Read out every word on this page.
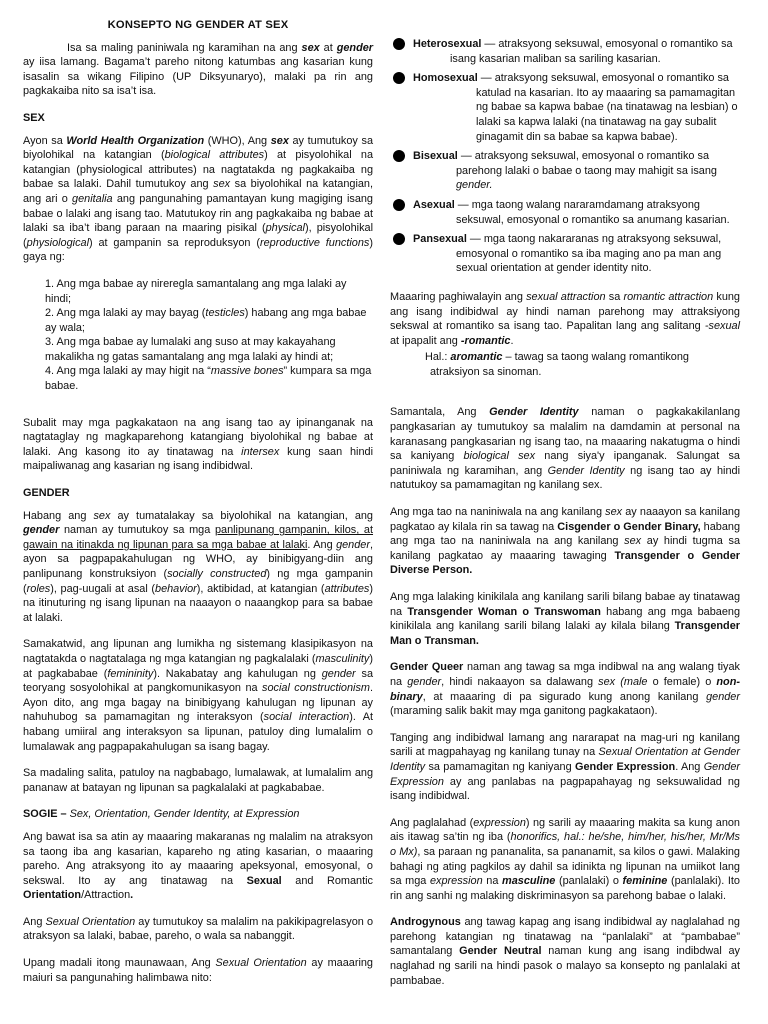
KONSEPTO NG GENDER AT SEX

Isa sa maling paniniwala ng karamihan na ang sex at gender ay iisa lamang. Bagama’t pareho nitong katumbas ang kasarian kung isasalin sa wikang Filipino (UP Diksyunaryo), malaki pa rin ang pagkakaiba nito sa isa’t isa.

SEX

Ayon sa World Health Organization (WHO), Ang sex ay tumutukoy sa biyolohikal na katangian (biological attributes) at pisyolohikal na katangian (physiological attributes) na nagtatakda ng pagkakaiba ng babae sa lalaki. Dahil tumutukoy ang sex sa biyolohikal na katangian, ang ari o genitalia ang pangunahing pamantayan kung magiging isang babae o lalaki ang isang tao. Matutukoy rin ang pagkakaiba ng babae at lalaki sa iba’t ibang paraan na maaring pisikal (physical), pisyolohikal (physiological) at gampanin sa reproduksyon (reproductive functions) gaya ng:

1. Ang mga babae ay nireregla samantalang ang mga lalaki ay hindi;
2. Ang mga lalaki ay may bayag (testicles) habang ang mga babae ay wala;
3. Ang mga babae ay lumalaki ang suso at may kakayahang makalikha ng gatas samantalang ang mga lalaki ay hindi at;
4. Ang mga lalaki ay may higit na “massive bones” kumpara sa mga babae.

Subalit may mga pagkakataon na ang isang tao ay ipinanganak na nagtataglay ng magkaparehong katangiang biyolohikal ng babae at lalaki. Ang kasong ito ay tinatawag na intersex kung saan hindi maipaliwanag ang kasarian ng isang indibidwal.

GENDER

Habang ang sex ay tumatalakay sa biyolohikal na katangian, ang gender naman ay tumutukoy sa mga panlipunang gampanin, kilos, at gawain na itinakda ng lipunan para sa mga babae at lalaki. Ang gender, ayon sa pagpapakahulugan ng WHO, ay binibigyang-diin ang panlipunang konstruksiyon (socially constructed) ng mga gampanin (roles), pag-uugali at asal (behavior), aktibidad, at katangian (attributes) na itinuturing ng isang lipunan na naaayon o naaangkop para sa babae at lalaki.

Samakatwid, ang lipunan ang lumikha ng sistemang klasipikasyon na nagtatakda o nagtatalaga ng mga katangian ng pagkalalaki (masculinity) at pagkababae (femininity). Nakabatay ang kahulugan ng gender sa teoryang sosyolohikal at pangkomunikasyon na social constructionism. Ayon dito, ang mga bagay na binibigyang kahulugan ng lipunan ay nahuhubog sa pamamagitan ng interaksyon (social interaction). At habang umiiral ang interaksyon sa lipunan, patuloy ding lumalalim o lumalawak ang pagpapakahulugan sa isang bagay.

Sa madaling salita, patuloy na nagbabago, lumalawak, at lumalalim ang pananaw at batayan ng lipunan sa pagkalalaki at pagkababae.

SOGIE – Sex, Orientation, Gender Identity, at Expression

Ang bawat isa sa atin ay maaaring makaranas ng malalim na atraksyon sa taong iba ang kasarian, kapareho ng ating kasarian, o maaaring pareho. Ang atraksyong ito ay maaaring apeksyonal, emosyonal, o sekswal. Ito ay ang tinatawag na Sexual and Romantic Orientation/Attraction.

Ang Sexual Orientation ay tumutukoy sa malalim na pakikipagrelasyon o atraksyon sa lalaki, babae, pareho, o wala sa nabanggit.

Upang madali itong maunawaan, Ang Sexual Orientation ay maaaring maiuri sa pangunahing halimbawa nito:

Heterosexual — atraksyong seksuwal, emosyonal o romantiko sa
isang kasarian maliban sa sariling kasarian.
Homosexual — atraksyong seksuwal, emosyonal o romantiko sa
katulad na kasarian. Ito ay maaaring sa pamamagitan ng babae sa kapwa babae (na tinatawag na lesbian) o lalaki sa kapwa lalaki (na tinatawag na gay subalit ginagamit din sa babae sa kapwa babae).
Bisexual — atraksyong seksuwal, emosyonal o romantiko sa
parehong lalaki o babae o taong may mahigit sa isang gender.
Asexual — mga taong walang nararamdamang atraksyong
seksuwal, emosyonal o romantiko sa anumang kasarian.
Pansexual — mga taong nakararanas ng atraksyong seksuwal,
emosyonal o romantiko sa iba maging ano pa man ang sexual orientation at gender identity nito.

Maaaring paghiwalayin ang sexual attraction sa romantic attraction kung ang isang indibidwal ay hindi naman parehong may attraksiyong sekswal at romantiko sa isang tao. Papalitan lang ang salitang -sexual at ipapalit ang -romantic.
Hal.: aromantic – tawag sa taong walang romantikong
atraksiyon sa sinoman.

Samantala, Ang Gender Identity naman o pagkakakilanlang pangkasarian ay tumutukoy sa malalim na damdamin at personal na karanasang pangkasarian ng isang tao, na maaaring nakatugma o hindi sa kaniyang biological sex nang siya'y ipanganak. Salungat sa paniniwala ng karamihan, ang Gender Identity ng isang tao ay hindi natutukoy sa pamamagitan ng kanilang sex.

Ang mga tao na naniniwala na ang kanilang sex ay naaayon sa kanilang pagkatao ay kilala rin sa tawag na Cisgender o Gender Binary, habang ang mga tao na naniniwala na ang kanilang sex ay hindi tugma sa kanilang pagkatao ay maaaring tawaging Transgender o Gender Diverse Person.

Ang mga lalaking kinikilala ang kanilang sarili bilang babae ay tinatawag na Transgender Woman o Transwoman habang ang mga babaeng kinikilala ang kanilang sarili bilang lalaki ay kilala bilang Transgender Man o Transman.

Gender Queer naman ang tawag sa mga indibwal na ang walang tiyak na gender, hindi nakaayon sa dalawang sex (male o female) o non-binary, at maaaring di pa sigurado kung anong kanilang gender (maraming salik bakit may mga ganitong pagkakataon).

Tanging ang indibidwal lamang ang nararapat na mag-uri ng kanilang sarili at magpahayag ng kanilang tunay na Sexual Orientation at Gender Identity sa pamamagitan ng kaniyang Gender Expression. Ang Gender Expression ay ang panlabas na pagpapahayag ng seksuwalidad ng isang indibidwal.

Ang paglalahad (expression) ng sarili ay maaaring makita sa kung anon ais itawag sa’tin ng iba (honorifics, hal.: he/she, him/her, his/her, Mr/Ms o Mx), sa paraan ng pananalita, sa pananamit, sa kilos o gawi. Malaking bahagi ng ating pagkilos ay dahil sa idinikta ng lipunan na umiikot lang sa mga expression na masculine (panlalaki) o feminine (panlalaki). Ito rin ang sanhi ng malaking diskriminasyon sa parehong babae o lalaki.

Androgynous ang tawag kapag ang isang indibidwal ay naglalahad ng parehong katangian ng tinatawag na “panlalaki” at “pambabae” samantalang Gender Neutral naman kung ang isang indibdwal ay naglahad ng sarili na hindi pasok o malayo sa konsepto ng panlalaki at pambabae.
